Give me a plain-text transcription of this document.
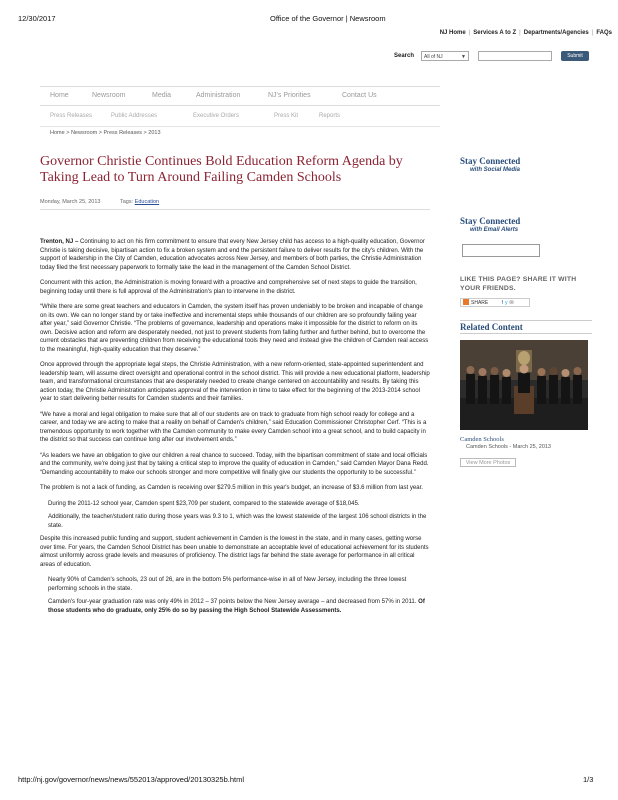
12/30/2017	Office of the Governor | Newsroom
NJ Home | Services A to Z | Departments/Agencies | FAQs
Search	All of NJ	▼	Submit
Home	Newsroom	Media	Administration	NJ's Priorities	Contact Us
Press Releases	Public Addresses	Executive Orders	Press Kit	Reports
Home > Newsroom > Press Releases > 2013
Governor Christie Continues Bold Education Reform Agenda by Taking Lead to Turn Around Failing Camden Schools
Monday, March 25, 2013	Tags: Education

Trenton, NJ – Continuing to act on his firm commitment to ensure that every New Jersey child has access to a high-quality education, Governor Christie is taking decisive, bipartisan action to fix a broken system and end the persistent failure to deliver results for the city's children. With the support of leadership in the City of Camden, education advocates across New Jersey, and members of both parties, the Christie Administration today filed the first necessary paperwork to formally take the lead in the management of the Camden School District.

Concurrent with this action, the Administration is moving forward with a proactive and comprehensive set of next steps to guide the transition, beginning today until there is full approval of the Administration's plan to intervene in the district.

“While there are some great teachers and educators in Camden, the system itself has proven undeniably to be broken and incapable of change on its own. We can no longer stand by or take ineffective and incremental steps while thousands of our children are so profoundly failing year after year,” said Governor Christie. “The problems of governance, leadership and operations make it impossible for the district to reform on its own. Decisive action and reform are desperately needed, not just to prevent students from falling further and further behind, but to overcome the current obstacles that are preventing children from receiving the educational tools they need and instead give the children of Camden real access to the meaningful, high-quality education that they deserve.”

Once approved through the appropriate legal steps, the Christie Administration, with a new reform-oriented, state-appointed superintendent and leadership team, will assume direct oversight and operational control in the school district. This will provide a new educational platform, leadership team, and transformational circumstances that are desperately needed to create change centered on accountability and results. By taking this action today, the Christie Administration anticipates approval of the intervention in time to take effect for the beginning of the 2013-2014 school year to start delivering better results for Camden students and their families.

“We have a moral and legal obligation to make sure that all of our students are on track to graduate from high school ready for college and a career, and today we are acting to make that a reality on behalf of Camden's children,” said Education Commissioner Christopher Cerf. “This is a tremendous opportunity to work together with the Camden community to make every Camden school into a great school, and to build capacity in the district so that success can continue long after our involvement ends.”

“As leaders we have an obligation to give our children a real chance to succeed. Today, with the bipartisan commitment of state and local officials and the community, we're doing just that by taking a critical step to improve the quality of education in Camden,” said Camden Mayor Dana Redd. “Demanding accountability to make our schools stronger and more competitive will finally give our students the opportunity to be successful.”

The problem is not a lack of funding, as Camden is receiving over $279.5 million in this year's budget, an increase of $3.6 million from last year.

During the 2011-12 school year, Camden spent $23,709 per student, compared to the statewide average of $18,045.

Additionally, the teacher/student ratio during those years was 9.3 to 1, which was the lowest statewide of the largest 106 school districts in the state.

Despite this increased public funding and support, student achievement in Camden is the lowest in the state, and in many cases, getting worse over time. For years, the Camden School District has been unable to demonstrate an acceptable level of educational achievement for its students almost uniformly across grade levels and measures of proficiency. The district lags far behind the state average for performance in all critical areas of education.

Nearly 90% of Camden's schools, 23 out of 26, are in the bottom 5% performance-wise in all of New Jersey, including the three lowest performing schools in the state.

Camden's four-year graduation rate was only 49% in 2012 – 37 points below the New Jersey average – and decreased from 57% in 2011. Of those students who do graduate, only 25% do so by passing the High School Statewide Assessments.

Stay Connected
with Social Media
Stay Connected
with Email Alerts
LIKE THIS PAGE? SHARE IT WITH YOUR FRIENDS.
SHARE	f y ✉
Related Content
Camden Schools
Camden Schools - March 25, 2013
View More Photos
http://nj.gov/governor/news/news/552013/approved/20130325b.html	1/3
